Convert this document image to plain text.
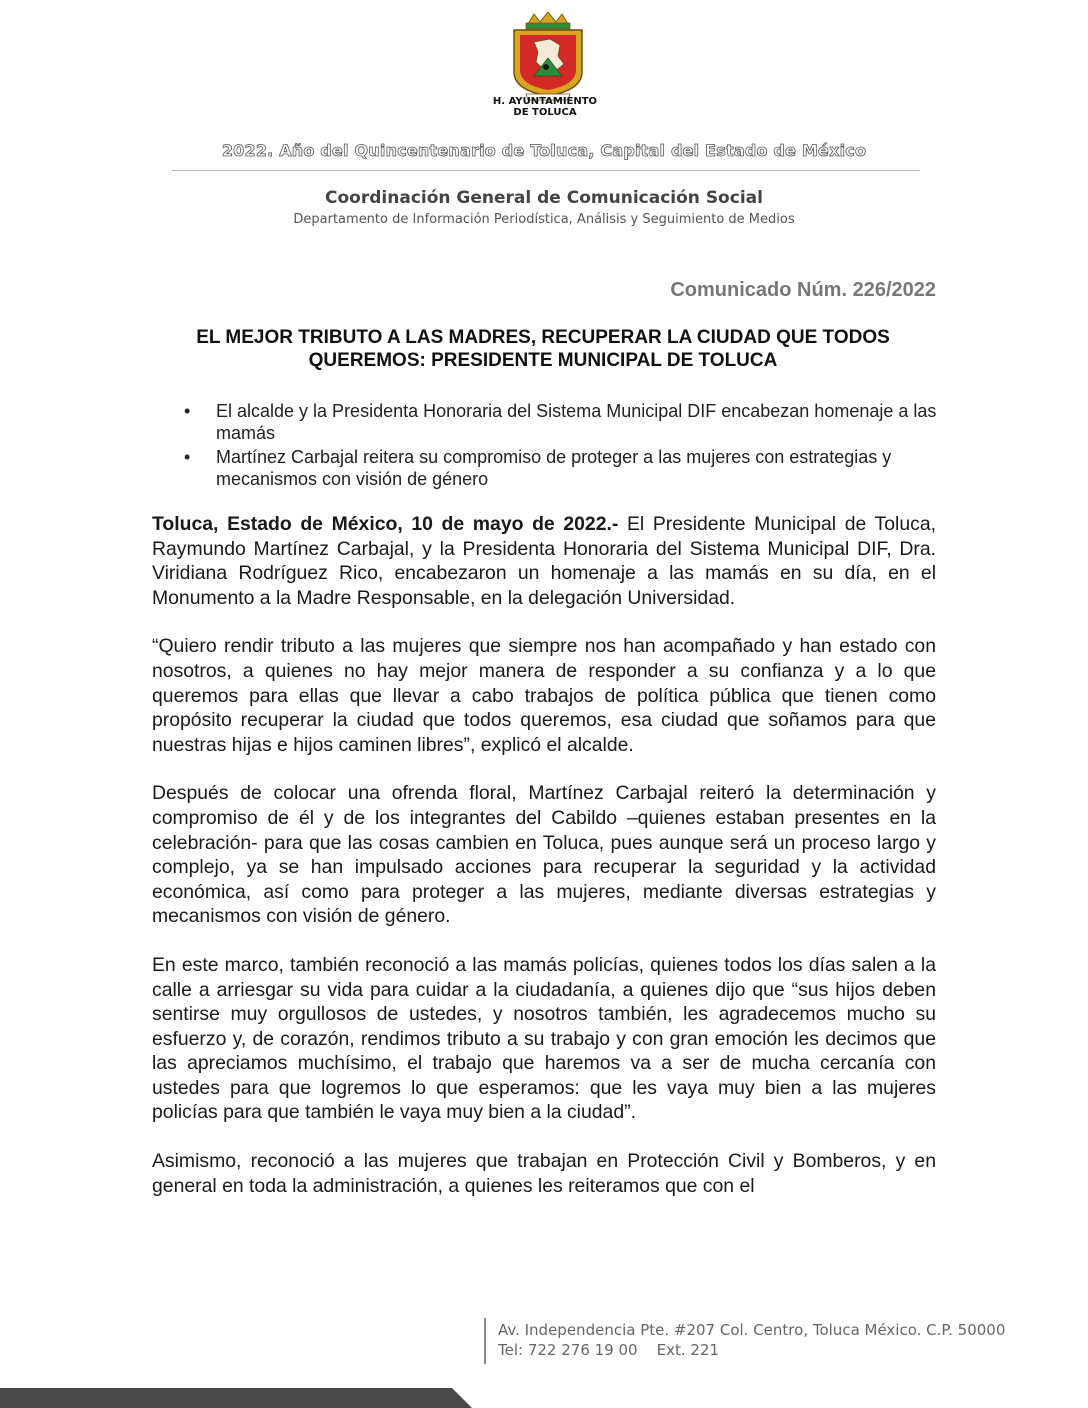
H. AYUNTAMIENTO
DE TOLUCA
2022. Año del Quincentenario de Toluca, Capital del Estado de México
Coordinación General de Comunicación Social
Departamento de Información Periodística, Análisis y Seguimiento de Medios
Comunicado Núm. 226/2022
EL MEJOR TRIBUTO A LAS MADRES, RECUPERAR LA CIUDAD QUE TODOS
QUEREMOS: PRESIDENTE MUNICIPAL DE TOLUCA
• El alcalde y la Presidenta Honoraria del Sistema Municipal DIF encabezan homenaje a las mamás
• Martínez Carbajal reitera su compromiso de proteger a las mujeres con estrategias y mecanismos con visión de género

Toluca, Estado de México, 10 de mayo de 2022.- El Presidente Municipal de Toluca, Raymundo Martínez Carbajal, y la Presidenta Honoraria del Sistema Municipal DIF, Dra. Viridiana Rodríguez Rico, encabezaron un homenaje a las mamás en su día, en el Monumento a la Madre Responsable, en la delegación Universidad.

“Quiero rendir tributo a las mujeres que siempre nos han acompañado y han estado con nosotros, a quienes no hay mejor manera de responder a su confianza y a lo que queremos para ellas que llevar a cabo trabajos de política pública que tienen como propósito recuperar la ciudad que todos queremos, esa ciudad que soñamos para que nuestras hijas e hijos caminen libres”, explicó el alcalde.

Después de colocar una ofrenda floral, Martínez Carbajal reiteró la determinación y compromiso de él y de los integrantes del Cabildo –quienes estaban presentes en la celebración- para que las cosas cambien en Toluca, pues aunque será un proceso largo y complejo, ya se han impulsado acciones para recuperar la seguridad y la actividad económica, así como para proteger a las mujeres, mediante diversas estrategias y mecanismos con visión de género.

En este marco, también reconoció a las mamás policías, quienes todos los días salen a la calle a arriesgar su vida para cuidar a la ciudadanía, a quienes dijo que “sus hijos deben sentirse muy orgullosos de ustedes, y nosotros también, les agradecemos mucho su esfuerzo y, de corazón, rendimos tributo a su trabajo y con gran emoción les decimos que las apreciamos muchísimo, el trabajo que haremos va a ser de mucha cercanía con ustedes para que logremos lo que esperamos: que les vaya muy bien a las mujeres policías para que también le vaya muy bien a la ciudad”.

Asimismo, reconoció a las mujeres que trabajan en Protección Civil y Bomberos, y en general en toda la administración, a quienes les reiteramos que con el

Av. Independencia Pte. #207 Col. Centro, Toluca México. C.P. 50000
Tel: 722 276 19 00    Ext. 221
